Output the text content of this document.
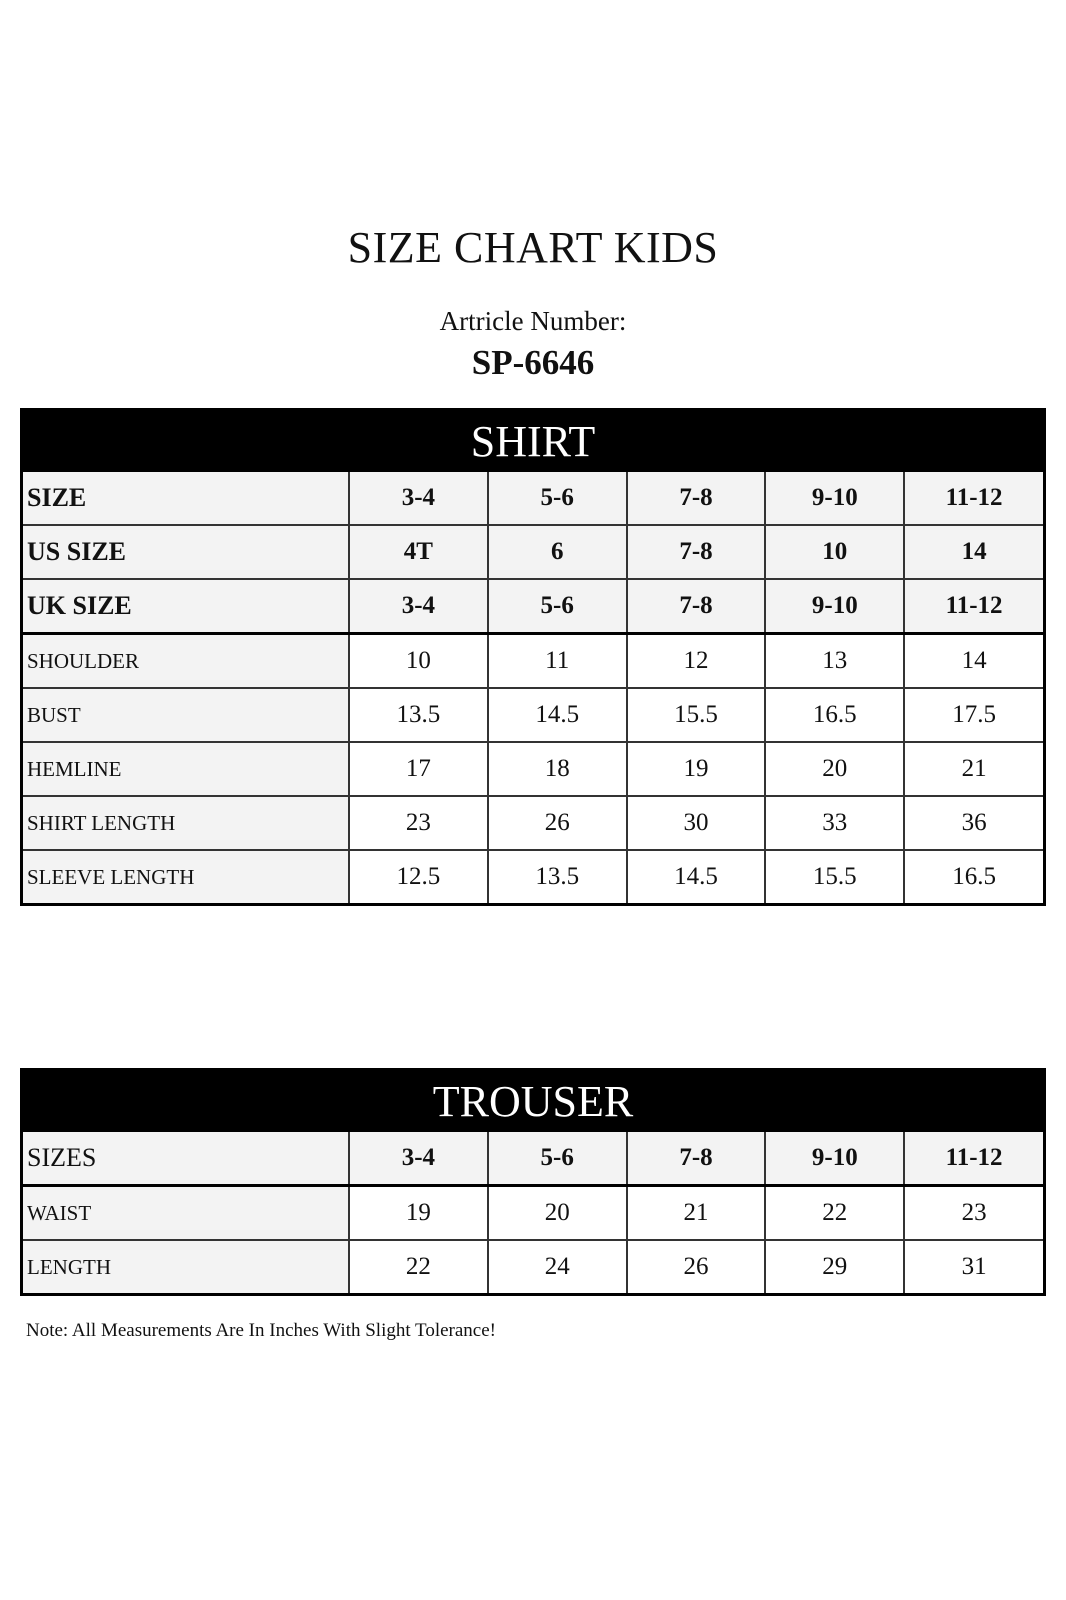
SIZE CHART KIDS
Artricle Number:
SP-6646
SHIRT
SIZE	3-4	5-6	7-8	9-10	11-12
US SIZE	4T	6	7-8	10	14
UK SIZE	3-4	5-6	7-8	9-10	11-12
SHOULDER	10	11	12	13	14
BUST	13.5	14.5	15.5	16.5	17.5
HEMLINE	17	18	19	20	21
SHIRT LENGTH	23	26	30	33	36
SLEEVE LENGTH	12.5	13.5	14.5	15.5	16.5
TROUSER
SIZES	3-4	5-6	7-8	9-10	11-12
WAIST	19	20	21	22	23
LENGTH	22	24	26	29	31
Note: All Measurements Are In Inches With Slight Tolerance!
